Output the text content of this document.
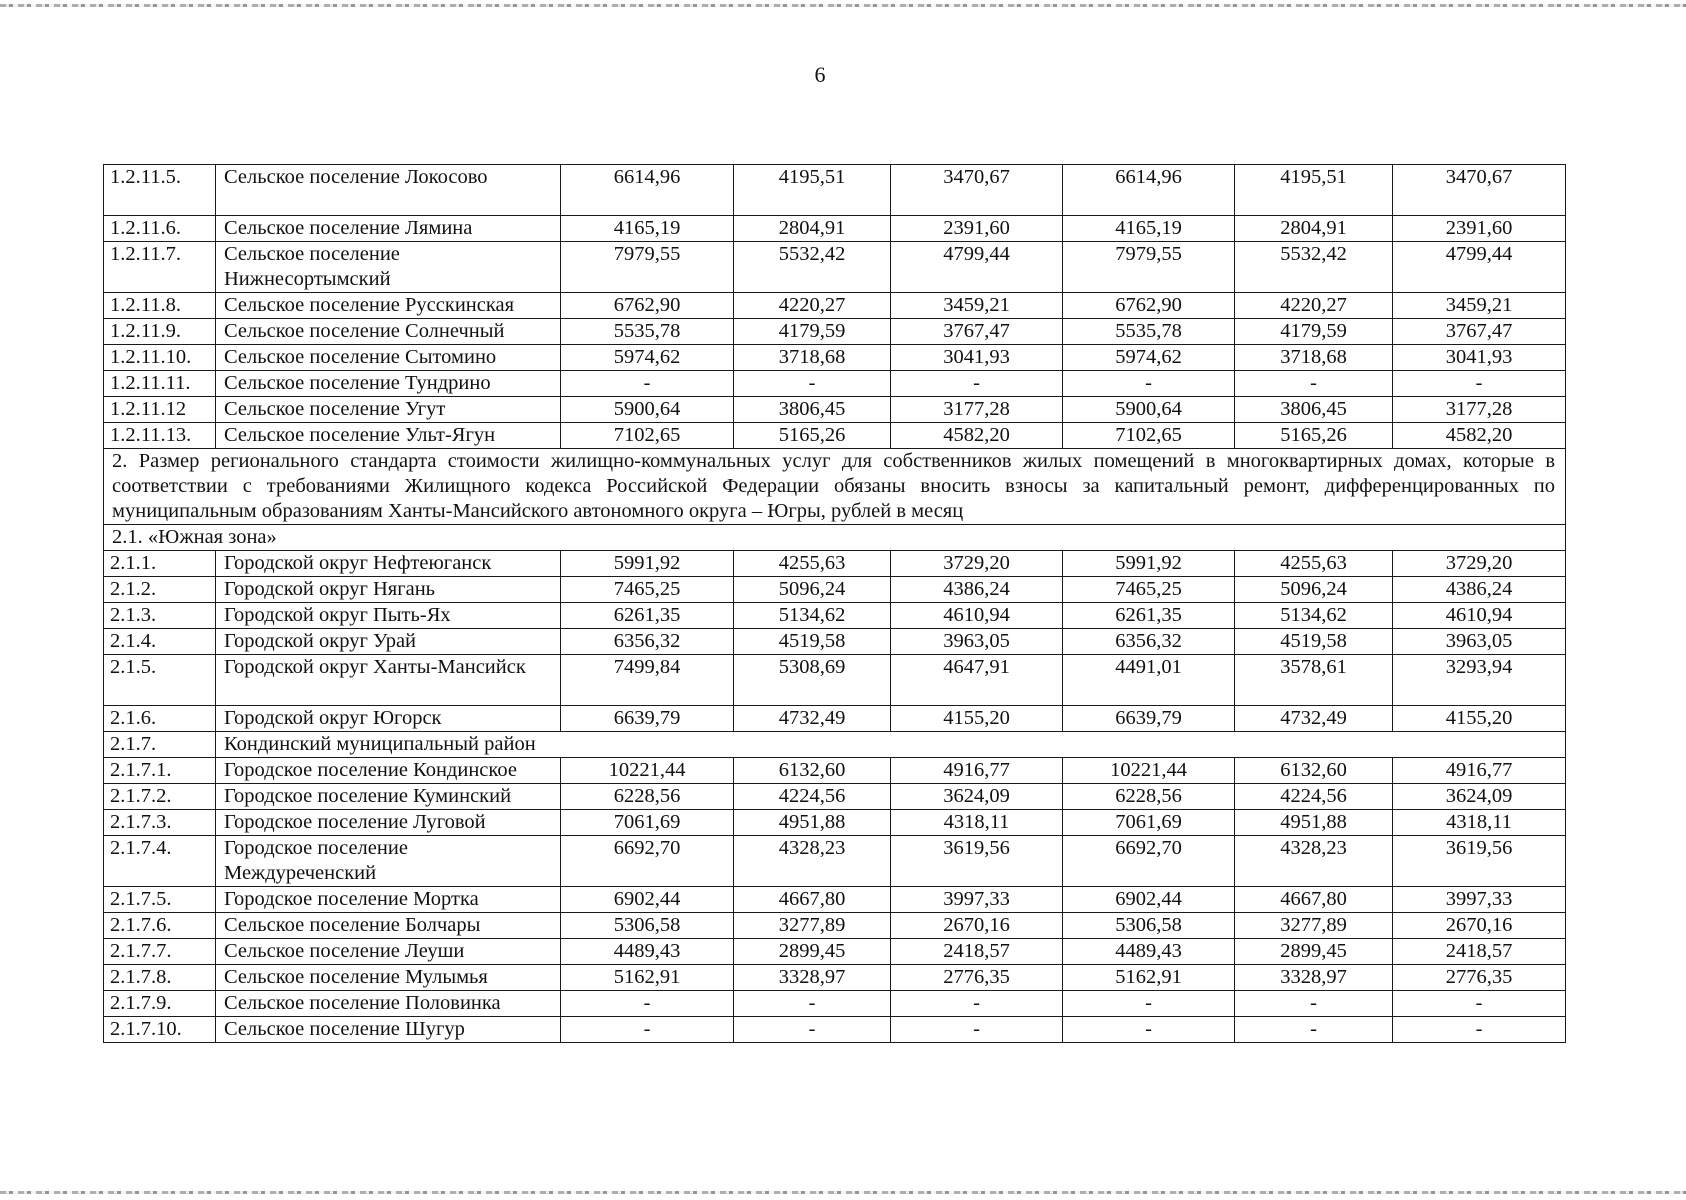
6
1.2.11.5.	Сельское поселение Локосово	6614,96	4195,51	3470,67	6614,96	4195,51	3470,67
1.2.11.6.	Сельское поселение Лямина	4165,19	2804,91	2391,60	4165,19	2804,91	2391,60
1.2.11.7.	Сельское поселение Нижнесортымский	7979,55	5532,42	4799,44	7979,55	5532,42	4799,44
1.2.11.8.	Сельское поселение Русскинская	6762,90	4220,27	3459,21	6762,90	4220,27	3459,21
1.2.11.9.	Сельское поселение Солнечный	5535,78	4179,59	3767,47	5535,78	4179,59	3767,47
1.2.11.10.	Сельское поселение Сытомино	5974,62	3718,68	3041,93	5974,62	3718,68	3041,93
1.2.11.11.	Сельское поселение Тундрино	-	-	-	-	-	-
1.2.11.12	Сельское поселение Угут	5900,64	3806,45	3177,28	5900,64	3806,45	3177,28
1.2.11.13.	Сельское поселение Ульт-Ягун	7102,65	5165,26	4582,20	7102,65	5165,26	4582,20
2. Размер регионального стандарта стоимости жилищно-коммунальных услуг для собственников жилых помещений в многоквартирных домах, которые в соответствии с требованиями Жилищного кодекса Российской Федерации обязаны вносить взносы за капитальный ремонт, дифференцированных по муниципальным образованиям Ханты-Мансийского автономного округа – Югры, рублей в месяц							
2.1. «Южная зона»							
2.1.1.	Городской округ Нефтеюганск	5991,92	4255,63	3729,20	5991,92	4255,63	3729,20
2.1.2.	Городской округ Нягань	7465,25	5096,24	4386,24	7465,25	5096,24	4386,24
2.1.3.	Городской округ Пыть-Ях	6261,35	5134,62	4610,94	6261,35	5134,62	4610,94
2.1.4.	Городской округ Урай	6356,32	4519,58	3963,05	6356,32	4519,58	3963,05
2.1.5.	Городской округ Ханты-Мансийск	7499,84	5308,69	4647,91	4491,01	3578,61	3293,94
2.1.6.	Городской округ Югорск	6639,79	4732,49	4155,20	6639,79	4732,49	4155,20
2.1.7.	Кондинский муниципальный район						
2.1.7.1.	Городское поселение Кондинское	10221,44	6132,60	4916,77	10221,44	6132,60	4916,77
2.1.7.2.	Городское поселение Куминский	6228,56	4224,56	3624,09	6228,56	4224,56	3624,09
2.1.7.3.	Городское поселение Луговой	7061,69	4951,88	4318,11	7061,69	4951,88	4318,11
2.1.7.4.	Городское поселение Междуреченский	6692,70	4328,23	3619,56	6692,70	4328,23	3619,56
2.1.7.5.	Городское поселение Мортка	6902,44	4667,80	3997,33	6902,44	4667,80	3997,33
2.1.7.6.	Сельское поселение Болчары	5306,58	3277,89	2670,16	5306,58	3277,89	2670,16
2.1.7.7.	Сельское поселение Леуши	4489,43	2899,45	2418,57	4489,43	2899,45	2418,57
2.1.7.8.	Сельское поселение Мулымья	5162,91	3328,97	2776,35	5162,91	3328,97	2776,35
2.1.7.9.	Сельское поселение Половинка	-	-	-	-	-	-
2.1.7.10.	Сельское поселение Шугур	-	-	-	-	-	-
